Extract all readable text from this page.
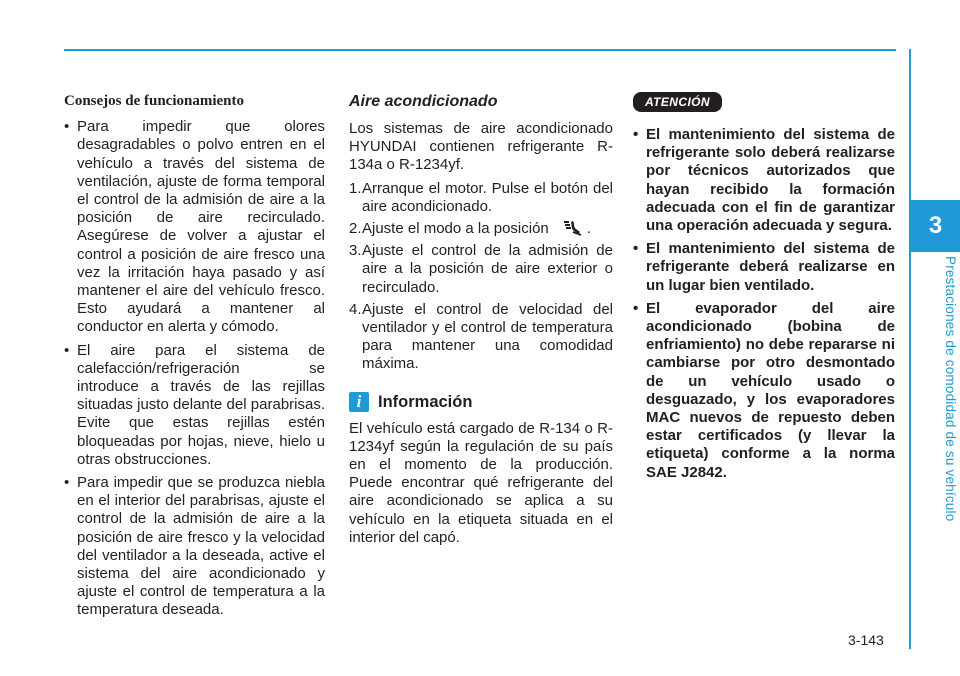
3
Prestaciones de comodidad de su vehículo
Consejos de funcionamiento
• Para impedir que olores desagradables o polvo entren en el vehículo a través del sistema de ventilación, ajuste de forma temporal el control de la admisión de aire a la posición de aire recirculado. Asegúrese de volver a ajustar el control a posición de aire fresco una vez la irritación haya pasado y así mantener el aire del vehículo fresco. Esto ayudará a mantener al conductor en alerta y cómodo.
• El aire para el sistema de calefacción/refrigeración se introduce a través de las rejillas situadas justo delante del parabrisas. Evite que estas rejillas estén bloqueadas por hojas, nieve, hielo u otras obstrucciones.
• Para impedir que se produzca niebla en el interior del parabrisas, ajuste el control de la admisión de aire a la posición de aire fresco y la velocidad del ventilador a la deseada, active el sistema del aire acondicionado y ajuste el control de temperatura a la temperatura deseada.
Aire acondicionado

Los sistemas de aire acondicionado HYUNDAI contienen refrigerante R-134a o R-1234yf.

1. Arranque el motor. Pulse el botón del aire acondicionado.
2. Ajuste el modo a la posición	.
3. Ajuste el control de la admisión de aire a la posición de aire exterior o recirculado.
4. Ajuste el control de velocidad del ventilador y el control de temperatura para mantener una comodidad máxima.
i	Información

El vehículo está cargado de R-134 o R-1234yf según la regulación de su país en el momento de la producción. Puede encontrar qué refrigerante del aire acondicionado se aplica a su vehículo en la etiqueta situada en el interior del capó.

ATENCIÓN
• El mantenimiento del sistema de refrigerante solo deberá realizarse por técnicos autorizados que hayan recibido la formación adecuada con el fin de garantizar una operación adecuada y segura.
• El mantenimiento del sistema de refrigerante deberá realizarse en un lugar bien ventilado.
• El evaporador del aire acondicionado (bobina de enfriamiento) no debe repararse ni cambiarse por otro desmontado de un vehículo usado o desguazado, y los evaporadores MAC nuevos de repuesto deben estar certificados (y llevar la etiqueta) conforme a la norma SAE J2842.
3-143
